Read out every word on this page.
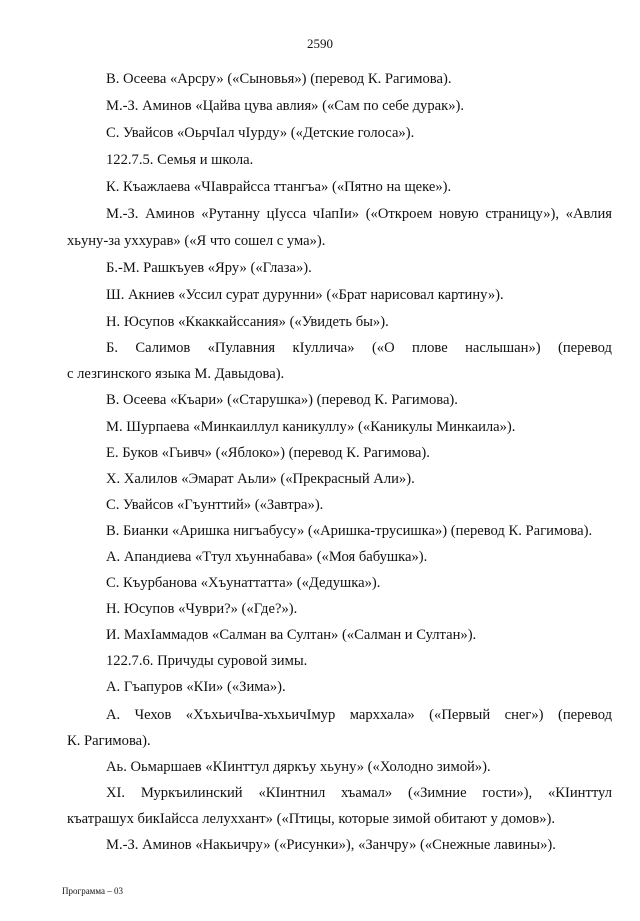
2590
В. Осеева «Арсру» («Сыновья») (перевод К. Рагимова).
М.-З. Аминов «Цайва цува авлия» («Сам по себе дурак»).
С. Увайсов «ОьрчIал чIурду» («Детские голоса»).
122.7.5. Семья и школа.
К. Къажлаева «ЧIаврайсса ттангъа» («Пятно на щеке»).
М.-З. Аминов «Рутанну цIусса чIапIи» («Откроем новую страницу»), «Авлия
хьуну-за уххурав» («Я что сошел с ума»).
Б.-М. Рашкъуев «Яру» («Глаза»).
Ш. Акниев «Уссил сурат дурунни» («Брат нарисовал картину»).
Н. Юсупов «Ккаккайссания» («Увидеть бы»).
Б. Салимов «Пулавния кIуллича» («О плове наслышан») (перевод
с лезгинского языка М. Давыдова).
В. Осеева «Къари» («Старушка») (перевод К. Рагимова).
М. Шурпаева «Минкаиллул каникуллу» («Каникулы Минкаила»).
Е. Буков «Гьивч» («Яблоко») (перевод К. Рагимова).
Х. Халилов «Эмарат Аьли» («Прекрасный Али»).
С. Увайсов «Гъунттий» («Завтра»).
В. Бианки «Аришка нигъабусу» («Аришка-трусишка») (перевод К. Рагимова).
А. Апандиева «Ттул хъуннабава» («Моя бабушка»).
С. Къурбанова «Хъунаттатта» («Дедушка»).
Н. Юсупов «Чуври?» («Где?»).
И. МахIаммадов «Салман ва Султан» («Салман и Султан»).
122.7.6. Причуды суровой зимы.
А. Гъапуров «КIи» («Зима»).
А. Чехов «ХъхьичIва-хъхьичIмур марххала» («Первый снег») (перевод
К. Рагимова).
Аь. Оьмаршаев «КIинттул дяркъу хьуну» («Холодно зимой»).
XI. Муркъилинский «КIинтнил хъамал» («Зимние гости»), «КIинттул
къатрашух бикIайсса лелуххант» («Птицы, которые зимой обитают у домов»).
М.-З. Аминов «Накьичру» («Рисунки»), «Занчру» («Снежные лавины»).
Программа – 03
